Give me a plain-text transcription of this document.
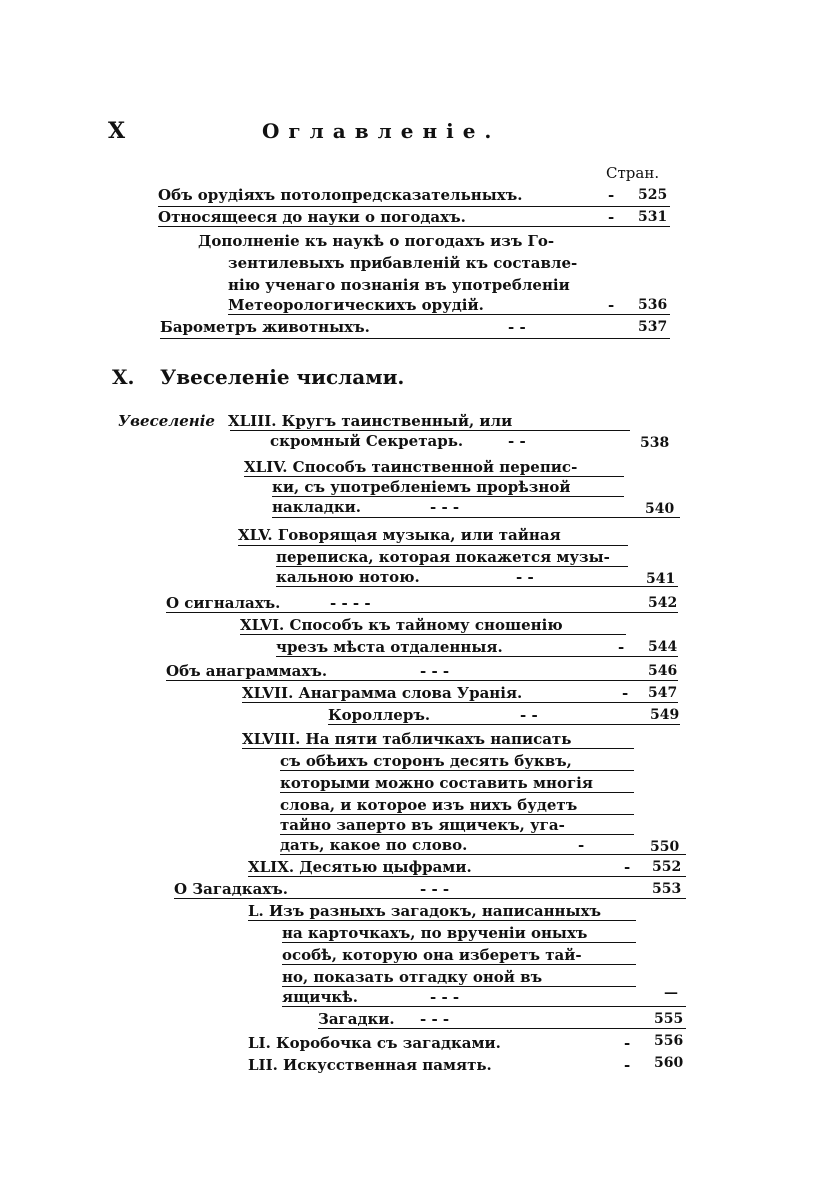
X	Оглавленіе.
Стран.
Объ орудіяхъ потолопредсказательныхъ.	- 525
Относящееся до науки о погодахъ.	- 531
Дополненіе къ наукѣ о погодахъ изъ Го-
зентилевыхъ прибавленій къ составле-
нію ученаго познанія въ употребленіи
Метеорологическихъ орудій.	- 536
Барометръ животныхъ.	- -	537
X. Увеселеніе числами.
Увеселеніе XLIII. Кругъ таинственный, или
скромный Секретарь.	- -	538
XLIV. Способъ таинственной перепис-
ки, съ употребленіемъ прорѣзной
накладки.	- - -	540
XLV. Говорящая музыка, или тайная
переписка, которая покажется музы-
кальною нотою.	- -	541
О сигналахъ.	- - - -	542
XLVI. Способъ къ тайному сношенію
чрезъ мѣста отдаленныя.	- 544
Объ анаграммахъ.	- - -	546
XLVII. Анаграмма слова Уранія.	- 547
Короллеръ.	- -	549
XLVIII. На пяти табличкахъ написать
съ обѣихъ сторонъ десять буквъ,
которыми можно составить многія
слова, и которое изъ нихъ будетъ
тайно заперто въ ящичекъ, уга-
дать, какое по слово.	-	550
XLIX. Десятью цыфрами.	- 552
О Загадкахъ.	- - -	553
L. Изъ разныхъ загадокъ, написанныхъ
на карточкахъ, по врученіи оныхъ
особѣ, которую она изберетъ тай-
но, показать отгадку оной въ
ящичкѣ.	- - -	—
Загадки. - - -	555
LI. Коробочка съ загадками.	- 556
LII. Искусственная память.	- 560
